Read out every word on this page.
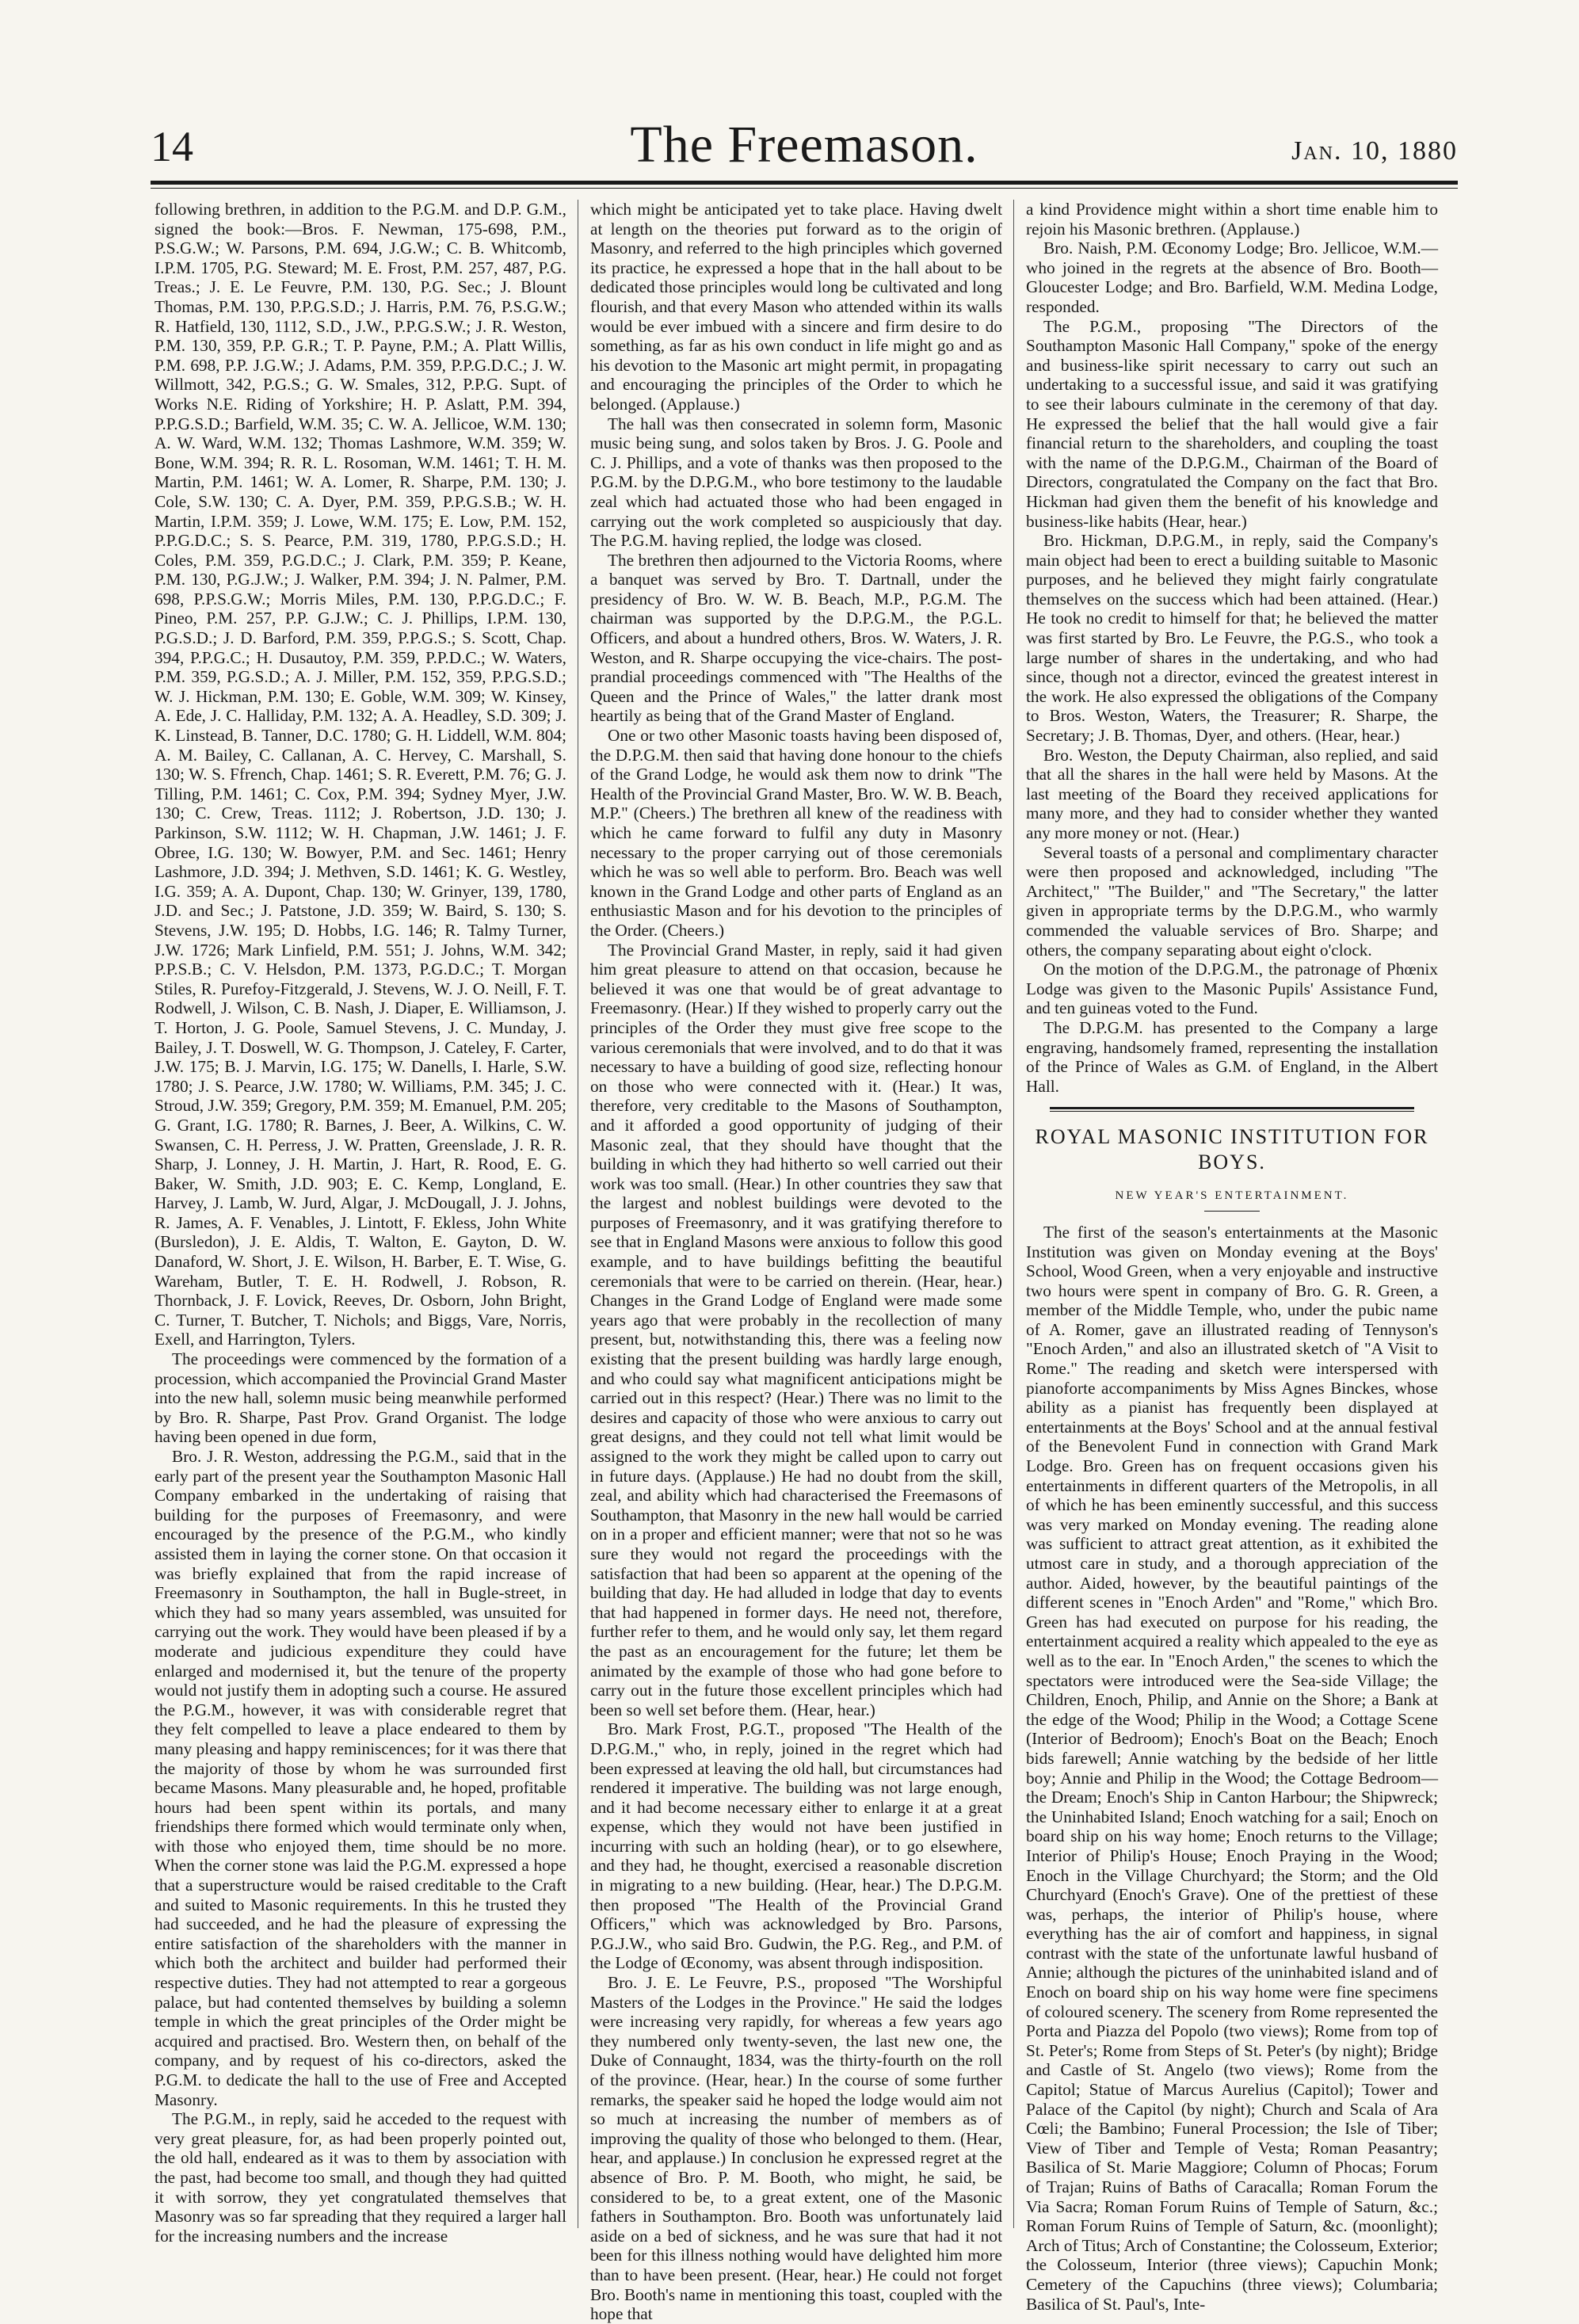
14	The Freemason.	Jan. 10, 1880

following brethren, in addition to the P.G.M. and D.P. G.M., signed the book:—Bros. F. Newman, 175-698, P.M., P.S.G.W.; W. Parsons, P.M. 694, J.G.W.; C. B. Whitcomb, I.P.M. 1705, P.G. Steward; M. E. Frost, P.M. 257, 487, P.G. Treas.; J. E. Le Feuvre, P.M. 130, P.G. Sec.; J. Blount Thomas, P.M. 130, P.P.G.S.D.; J. Harris, P.M. 76, P.S.G.W.; R. Hatfield, 130, 1112, S.D., J.W., P.P.G.S.W.; J. R. Weston, P.M. 130, 359, P.P. G.R.; T. P. Payne, P.M.; A. Platt Willis, P.M. 698, P.P. J.G.W.; J. Adams, P.M. 359, P.P.G.D.C.; J. W. Willmott, 342, P.G.S.; G. W. Smales, 312, P.P.G. Supt. of Works N.E. Riding of Yorkshire; H. P. Aslatt, P.M. 394, P.P.G.S.D.; Barfield, W.M. 35; C. W. A. Jellicoe, W.M. 130; A. W. Ward, W.M. 132; Thomas Lashmore, W.M. 359; W. Bone, W.M. 394; R. R. L. Rosoman, W.M. 1461; T. H. M. Martin, P.M. 1461; W. A. Lomer, R. Sharpe, P.M. 130; J. Cole, S.W. 130; C. A. Dyer, P.M. 359, P.P.G.S.B.; W. H. Martin, I.P.M. 359; J. Lowe, W.M. 175; E. Low, P.M. 152, P.P.G.D.C.; S. S. Pearce, P.M. 319, 1780, P.P.G.S.D.; H. Coles, P.M. 359, P.G.D.C.; J. Clark, P.M. 359; P. Keane, P.M. 130, P.G.J.W.; J. Walker, P.M. 394; J. N. Palmer, P.M. 698, P.P.S.G.W.; Morris Miles, P.M. 130, P.P.G.D.C.; F. Pineo, P.M. 257, P.P. G.J.W.; C. J. Phillips, I.P.M. 130, P.G.S.D.; J. D. Barford, P.M. 359, P.P.G.S.; S. Scott, Chap. 394, P.P.G.C.; H. Dusautoy, P.M. 359, P.P.D.C.; W. Waters, P.M. 359, P.G.S.D.; A. J. Miller, P.M. 152, 359, P.P.G.S.D.; W. J. Hickman, P.M. 130; E. Goble, W.M. 309; W. Kinsey, A. Ede, J. C. Halliday, P.M. 132; A. A. Headley, S.D. 309; J. K. Linstead, B. Tanner, D.C. 1780; G. H. Liddell, W.M. 804; A. M. Bailey, C. Callanan, A. C. Hervey, C. Marshall, S. 130; W. S. Ffrench, Chap. 1461; S. R. Everett, P.M. 76; G. J. Tilling, P.M. 1461; C. Cox, P.M. 394; Sydney Myer, J.W. 130; C. Crew, Treas. 1112; J. Robertson, J.D. 130; J. Parkinson, S.W. 1112; W. H. Chapman, J.W. 1461; J. F. Obree, I.G. 130; W. Bowyer, P.M. and Sec. 1461; Henry Lashmore, J.D. 394; J. Methven, S.D. 1461; K. G. Westley, I.G. 359; A. A. Dupont, Chap. 130; W. Grinyer, 139, 1780, J.D. and Sec.; J. Patstone, J.D. 359; W. Baird, S. 130; S. Stevens, J.W. 195; D. Hobbs, I.G. 146; R. Talmy Turner, J.W. 1726; Mark Linfield, P.M. 551; J. Johns, W.M. 342; P.P.S.B.; C. V. Helsdon, P.M. 1373, P.G.D.C.; T. Morgan Stiles, R. Purefoy-Fitzgerald, J. Stevens, W. J. O. Neill, F. T. Rodwell, J. Wilson, C. B. Nash, J. Diaper, E. Williamson, J. T. Horton, J. G. Poole, Samuel Stevens, J. C. Munday, J. Bailey, J. T. Doswell, W. G. Thompson, J. Cateley, F. Carter, J.W. 175; B. J. Marvin, I.G. 175; W. Danells, I. Harle, S.W. 1780; J. S. Pearce, J.W. 1780; W. Williams, P.M. 345; J. C. Stroud, J.W. 359; Gregory, P.M. 359; M. Emanuel, P.M. 205; G. Grant, I.G. 1780; R. Barnes, J. Beer, A. Wilkins, C. W. Swansen, C. H. Perress, J. W. Pratten, Greenslade, J. R. R. Sharp, J. Lonney, J. H. Martin, J. Hart, R. Rood, E. G. Baker, W. Smith, J.D. 903; E. C. Kemp, Longland, E. Harvey, J. Lamb, W. Jurd, Algar, J. McDougall, J. J. Johns, R. James, A. F. Venables, J. Lintott, F. Ekless, John White (Bursledon), J. E. Aldis, T. Walton, E. Gayton, D. W. Danaford, W. Short, J. E. Wilson, H. Barber, E. T. Wise, G. Wareham, Butler, T. E. H. Rodwell, J. Robson, R. Thornback, J. F. Lovick, Reeves, Dr. Osborn, John Bright, C. Turner, T. Butcher, T. Nichols; and Biggs, Vare, Norris, Exell, and Harrington, Tylers.

The proceedings were commenced by the formation of a procession, which accompanied the Provincial Grand Master into the new hall, solemn music being meanwhile performed by Bro. R. Sharpe, Past Prov. Grand Organist. The lodge having been opened in due form,

Bro. J. R. Weston, addressing the P.G.M., said that in the early part of the present year the Southampton Masonic Hall Company embarked in the undertaking of raising that building for the purposes of Freemasonry, and were encouraged by the presence of the P.G.M., who kindly assisted them in laying the corner stone. On that occasion it was briefly explained that from the rapid increase of Freemasonry in Southampton, the hall in Bugle-street, in which they had so many years assembled, was unsuited for carrying out the work. They would have been pleased if by a moderate and judicious expenditure they could have enlarged and modernised it, but the tenure of the property would not justify them in adopting such a course. He assured the P.G.M., however, it was with considerable regret that they felt compelled to leave a place endeared to them by many pleasing and happy reminiscences; for it was there that the majority of those by whom he was surrounded first became Masons. Many pleasurable and, he hoped, profitable hours had been spent within its portals, and many friendships there formed which would terminate only when, with those who enjoyed them, time should be no more. When the corner stone was laid the P.G.M. expressed a hope that a superstructure would be raised creditable to the Craft and suited to Masonic requirements. In this he trusted they had succeeded, and he had the pleasure of expressing the entire satisfaction of the shareholders with the manner in which both the architect and builder had performed their respective duties. They had not attempted to rear a gorgeous palace, but had contented themselves by building a solemn temple in which the great principles of the Order might be acquired and practised. Bro. Western then, on behalf of the company, and by request of his co-directors, asked the P.G.M. to dedicate the hall to the use of Free and Accepted Masonry.

The P.G.M., in reply, said he acceded to the request with very great pleasure, for, as had been properly pointed out, the old hall, endeared as it was to them by association with the past, had become too small, and though they had quitted it with sorrow, they yet congratulated themselves that Masonry was so far spreading that they required a larger hall for the increasing numbers and the increase

which might be anticipated yet to take place. Having dwelt at length on the theories put forward as to the origin of Masonry, and referred to the high principles which governed its practice, he expressed a hope that in the hall about to be dedicated those principles would long be cultivated and long flourish, and that every Mason who attended within its walls would be ever imbued with a sincere and firm desire to do something, as far as his own conduct in life might go and as his devotion to the Masonic art might permit, in propagating and encouraging the principles of the Order to which he belonged. (Applause.)

The hall was then consecrated in solemn form, Masonic music being sung, and solos taken by Bros. J. G. Poole and C. J. Phillips, and a vote of thanks was then proposed to the P.G.M. by the D.P.G.M., who bore testimony to the laudable zeal which had actuated those who had been engaged in carrying out the work completed so auspiciously that day. The P.G.M. having replied, the lodge was closed.

The brethren then adjourned to the Victoria Rooms, where a banquet was served by Bro. T. Dartnall, under the presidency of Bro. W. W. B. Beach, M.P., P.G.M. The chairman was supported by the D.P.G.M., the P.G.L. Officers, and about a hundred others, Bros. W. Waters, J. R. Weston, and R. Sharpe occupying the vice-chairs. The post-prandial proceedings commenced with "The Healths of the Queen and the Prince of Wales," the latter drank most heartily as being that of the Grand Master of England.

One or two other Masonic toasts having been disposed of, the D.P.G.M. then said that having done honour to the chiefs of the Grand Lodge, he would ask them now to drink "The Health of the Provincial Grand Master, Bro. W. W. B. Beach, M.P." (Cheers.) The brethren all knew of the readiness with which he came forward to fulfil any duty in Masonry necessary to the proper carrying out of those ceremonials which he was so well able to perform. Bro. Beach was well known in the Grand Lodge and other parts of England as an enthusiastic Mason and for his devotion to the principles of the Order. (Cheers.)

The Provincial Grand Master, in reply, said it had given him great pleasure to attend on that occasion, because he believed it was one that would be of great advantage to Freemasonry. (Hear.) If they wished to properly carry out the principles of the Order they must give free scope to the various ceremonials that were involved, and to do that it was necessary to have a building of good size, reflecting honour on those who were connected with it. (Hear.) It was, therefore, very creditable to the Masons of Southampton, and it afforded a good opportunity of judging of their Masonic zeal, that they should have thought that the building in which they had hitherto so well carried out their work was too small. (Hear.) In other countries they saw that the largest and noblest buildings were devoted to the purposes of Freemasonry, and it was gratifying therefore to see that in England Masons were anxious to follow this good example, and to have buildings befitting the beautiful ceremonials that were to be carried on therein. (Hear, hear.) Changes in the Grand Lodge of England were made some years ago that were probably in the recollection of many present, but, notwithstanding this, there was a feeling now existing that the present building was hardly large enough, and who could say what magnificent anticipations might be carried out in this respect? (Hear.) There was no limit to the desires and capacity of those who were anxious to carry out great designs, and they could not tell what limit would be assigned to the work they might be called upon to carry out in future days. (Applause.) He had no doubt from the skill, zeal, and ability which had characterised the Freemasons of Southampton, that Masonry in the new hall would be carried on in a proper and efficient manner; were that not so he was sure they would not regard the proceedings with the satisfaction that had been so apparent at the opening of the building that day. He had alluded in lodge that day to events that had happened in former days. He need not, therefore, further refer to them, and he would only say, let them regard the past as an encouragement for the future; let them be animated by the example of those who had gone before to carry out in the future those excellent principles which had been so well set before them. (Hear, hear.)

Bro. Mark Frost, P.G.T., proposed "The Health of the D.P.G.M.," who, in reply, joined in the regret which had been expressed at leaving the old hall, but circumstances had rendered it imperative. The building was not large enough, and it had become necessary either to enlarge it at a great expense, which they would not have been justified in incurring with such an holding (hear), or to go elsewhere, and they had, he thought, exercised a reasonable discretion in migrating to a new building. (Hear, hear.) The D.P.G.M. then proposed "The Health of the Provincial Grand Officers," which was acknowledged by Bro. Parsons, P.G.J.W., who said Bro. Gudwin, the P.G. Reg., and P.M. of the Lodge of Œconomy, was absent through indisposition.

Bro. J. E. Le Feuvre, P.S., proposed "The Worshipful Masters of the Lodges in the Province." He said the lodges were increasing very rapidly, for whereas a few years ago they numbered only twenty-seven, the last new one, the Duke of Connaught, 1834, was the thirty-fourth on the roll of the province. (Hear, hear.) In the course of some further remarks, the speaker said he hoped the lodge would aim not so much at increasing the number of members as of improving the quality of those who belonged to them. (Hear, hear, and applause.) In conclusion he expressed regret at the absence of Bro. P. M. Booth, who might, he said, be considered to be, to a great extent, one of the Masonic fathers in Southampton. Bro. Booth was unfortunately laid aside on a bed of sickness, and he was sure that had it not been for this illness nothing would have delighted him more than to have been present. (Hear, hear.) He could not forget Bro. Booth's name in mentioning this toast, coupled with the hope that

a kind Providence might within a short time enable him to rejoin his Masonic brethren. (Applause.)

Bro. Naish, P.M. Œconomy Lodge; Bro. Jellicoe, W.M.—who joined in the regrets at the absence of Bro. Booth—Gloucester Lodge; and Bro. Barfield, W.M. Medina Lodge, responded.

The P.G.M., proposing "The Directors of the Southampton Masonic Hall Company," spoke of the energy and business-like spirit necessary to carry out such an undertaking to a successful issue, and said it was gratifying to see their labours culminate in the ceremony of that day. He expressed the belief that the hall would give a fair financial return to the shareholders, and coupling the toast with the name of the D.P.G.M., Chairman of the Board of Directors, congratulated the Company on the fact that Bro. Hickman had given them the benefit of his knowledge and business-like habits (Hear, hear.)

Bro. Hickman, D.P.G.M., in reply, said the Company's main object had been to erect a building suitable to Masonic purposes, and he believed they might fairly congratulate themselves on the success which had been attained. (Hear.) He took no credit to himself for that; he believed the matter was first started by Bro. Le Feuvre, the P.G.S., who took a large number of shares in the undertaking, and who had since, though not a director, evinced the greatest interest in the work. He also expressed the obligations of the Company to Bros. Weston, Waters, the Treasurer; R. Sharpe, the Secretary; J. B. Thomas, Dyer, and others. (Hear, hear.)

Bro. Weston, the Deputy Chairman, also replied, and said that all the shares in the hall were held by Masons. At the last meeting of the Board they received applications for many more, and they had to consider whether they wanted any more money or not. (Hear.)

Several toasts of a personal and complimentary character were then proposed and acknowledged, including "The Architect," "The Builder," and "The Secretary," the latter given in appropriate terms by the D.P.G.M., who warmly commended the valuable services of Bro. Sharpe; and others, the company separating about eight o'clock.

On the motion of the D.P.G.M., the patronage of Phœnix Lodge was given to the Masonic Pupils' Assistance Fund, and ten guineas voted to the Fund.

The D.P.G.M. has presented to the Company a large engraving, handsomely framed, representing the installation of the Prince of Wales as G.M. of England, in the Albert Hall.

ROYAL MASONIC INSTITUTION FOR BOYS.
NEW YEAR'S ENTERTAINMENT.

The first of the season's entertainments at the Masonic Institution was given on Monday evening at the Boys' School, Wood Green, when a very enjoyable and instructive two hours were spent in company of Bro. G. R. Green, a member of the Middle Temple, who, under the pubic name of A. Romer, gave an illustrated reading of Tennyson's "Enoch Arden," and also an illustrated sketch of "A Visit to Rome." The reading and sketch were interspersed with pianoforte accompaniments by Miss Agnes Binckes, whose ability as a pianist has frequently been displayed at entertainments at the Boys' School and at the annual festival of the Benevolent Fund in connection with Grand Mark Lodge. Bro. Green has on frequent occasions given his entertainments in different quarters of the Metropolis, in all of which he has been eminently successful, and this success was very marked on Monday evening. The reading alone was sufficient to attract great attention, as it exhibited the utmost care in study, and a thorough appreciation of the author. Aided, however, by the beautiful paintings of the different scenes in "Enoch Arden" and "Rome," which Bro. Green has had executed on purpose for his reading, the entertainment acquired a reality which appealed to the eye as well as to the ear. In "Enoch Arden," the scenes to which the spectators were introduced were the Sea-side Village; the Children, Enoch, Philip, and Annie on the Shore; a Bank at the edge of the Wood; Philip in the Wood; a Cottage Scene (Interior of Bedroom); Enoch's Boat on the Beach; Enoch bids farewell; Annie watching by the bedside of her little boy; Annie and Philip in the Wood; the Cottage Bedroom—the Dream; Enoch's Ship in Canton Harbour; the Shipwreck; the Uninhabited Island; Enoch watching for a sail; Enoch on board ship on his way home; Enoch returns to the Village; Interior of Philip's House; Enoch Praying in the Wood; Enoch in the Village Churchyard; the Storm; and the Old Churchyard (Enoch's Grave). One of the prettiest of these was, perhaps, the interior of Philip's house, where everything has the air of comfort and happiness, in signal contrast with the state of the unfortunate lawful husband of Annie; although the pictures of the uninhabited island and of Enoch on board ship on his way home were fine specimens of coloured scenery. The scenery from Rome represented the Porta and Piazza del Popolo (two views); Rome from top of St. Peter's; Rome from Steps of St. Peter's (by night); Bridge and Castle of St. Angelo (two views); Rome from the Capitol; Statue of Marcus Aurelius (Capitol); Tower and Palace of the Capitol (by night); Church and Scala of Ara Cœli; the Bambino; Funeral Procession; the Isle of Tiber; View of Tiber and Temple of Vesta; Roman Peasantry; Basilica of St. Marie Maggiore; Column of Phocas; Forum of Trajan; Ruins of Baths of Caracalla; Roman Forum the Via Sacra; Roman Forum Ruins of Temple of Saturn, &c.; Roman Forum Ruins of Temple of Saturn, &c. (moonlight); Arch of Titus; Arch of Constantine; the Colosseum, Exterior; the Colosseum, Interior (three views); Capuchin Monk; Cemetery of the Capuchins (three views); Columbaria; Basilica of St. Paul's, Inte-
